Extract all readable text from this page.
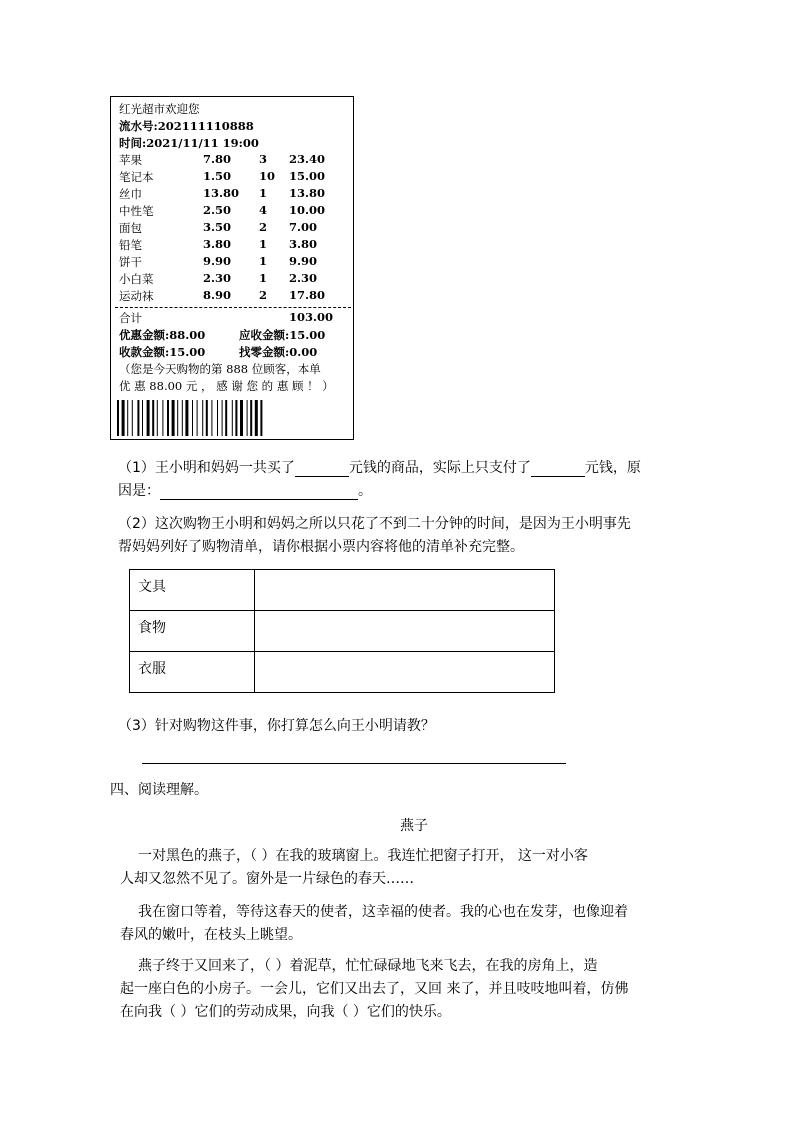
红光超市欢迎您
流水号:202111110888
时间:2021/11/11 19:00
苹果	7.80 3 23.40
笔记本	1.50 10 15.00
丝巾	13.80 1 13.80
中性笔	2.50 4 10.00
面包	3.50 2 7.00
铅笔	3.80 1 3.80
饼干	9.90 1 9.90
小白菜	2.30 1 2.30
运动袜	8.90 2 17.80
合计	103.00
优惠金额:88.00	应收金额:15.00
收款金额:15.00	找零金额:0.00
（您是今天购物的第 888 位顾客，本单
优 惠 88.00 元 ， 感 谢 您 的 惠 顾 ！ ）
（1）王小明和妈妈一共买了	元钱的商品，实际上只支付了	元钱，原
因是：	。
（2）这次购物王小明和妈妈之所以只花了不到二十分钟的时间，是因为王小明事先
帮妈妈列好了购物清单，请你根据小票内容将他的清单补充完整。
文具	
食物	
衣服	
（3）针对购物这件事，你打算怎么向王小明请教？
四、阅读理解。
燕子
一对黑色的燕子，（ ）在我的玻璃窗上。我连忙把窗子打开， 这一对小客
人却又忽然不见了。窗外是一片绿色的春天……
我在窗口等着，等待这春天的使者，这幸福的使者。我的心也在发芽，也像迎着
春风的嫩叶，在枝头上眺望。
燕子终于又回来了，（ ）着泥草，忙忙碌碌地飞来飞去，在我的房角上，造
起一座白色的小房子。一会儿，它们又出去了，又回 来了，并且吱吱地叫着，仿佛
在向我（ ）它们的劳动成果，向我（ ）它们的快乐。
